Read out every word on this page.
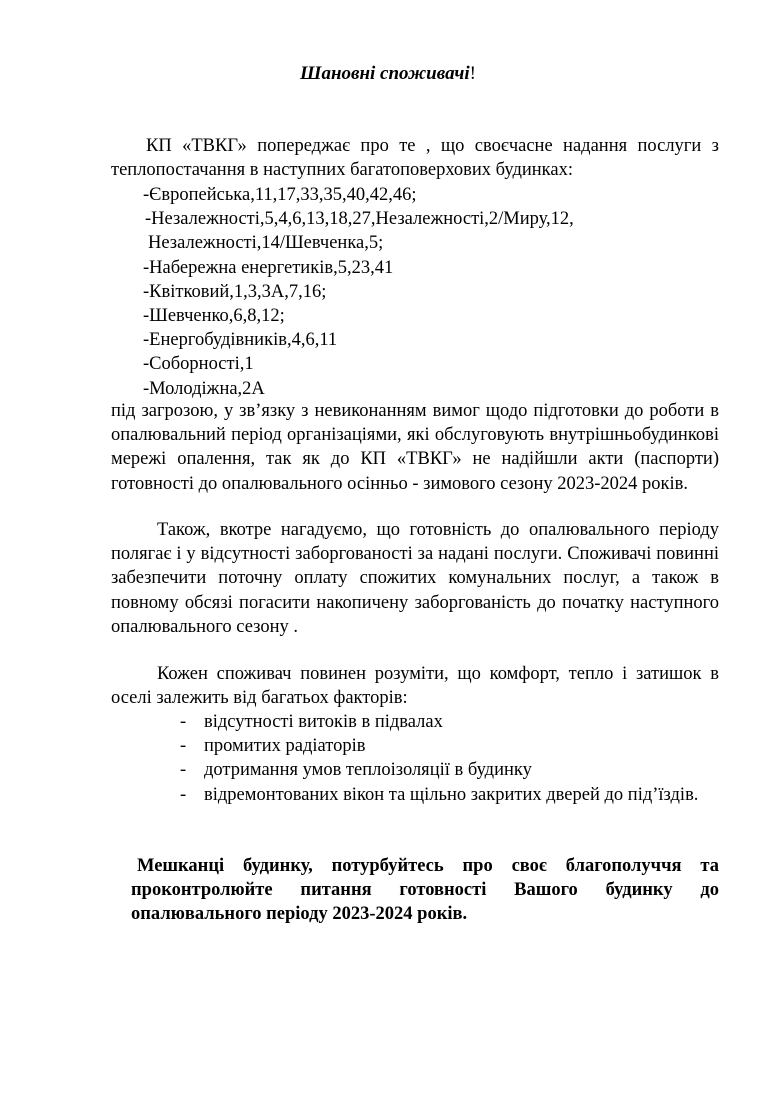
Шановні споживачі!

КП «ТВКГ» попереджає про те , що своєчасне надання послуги з теплопостачання в наступних багатоповерхових будинках:

-Європейська,11,17,33,35,40,42,46;
-Незалежності,5,4,6,13,18,27,Незалежності,2/Миру,12,
Незалежності,14/Шевченка,5;
-Набережна енергетиків,5,23,41
-Квітковий,1,3,3А,7,16;
-Шевченко,6,8,12;
-Енергобудівників,4,6,11
-Соборності,1
-Молодіжна,2А

під загрозою, у зв’язку з невиконанням вимог щодо підготовки до роботи в опалювальний період організаціями, які обслуговують внутрішньобудинкові мережі опалення, так як до КП «ТВКГ» не надійшли акти (паспорти) готовності до опалювального осінньо - зимового сезону 2023-2024 років.

Також, вкотре нагадуємо, що готовність до опалювального періоду полягає і у відсутності заборгованості за надані послуги. Споживачі повинні забезпечити поточну оплату спожитих комунальних послуг, а також в повному обсязі погасити накопичену заборгованість до початку наступного опалювального сезону .

Кожен споживач повинен розуміти, що комфорт, тепло і затишок в оселі залежить від багатьох факторів:

- відсутності витоків в підвалах
- промитих радіаторів
- дотримання умов теплоізоляції в будинку
- відремонтованих вікон та щільно закритих дверей до під’їздів.

Мешканці будинку, потурбуйтесь про своє благополуччя та проконтролюйте питання готовності Вашого будинку до опалювального періоду 2023-2024 років.
